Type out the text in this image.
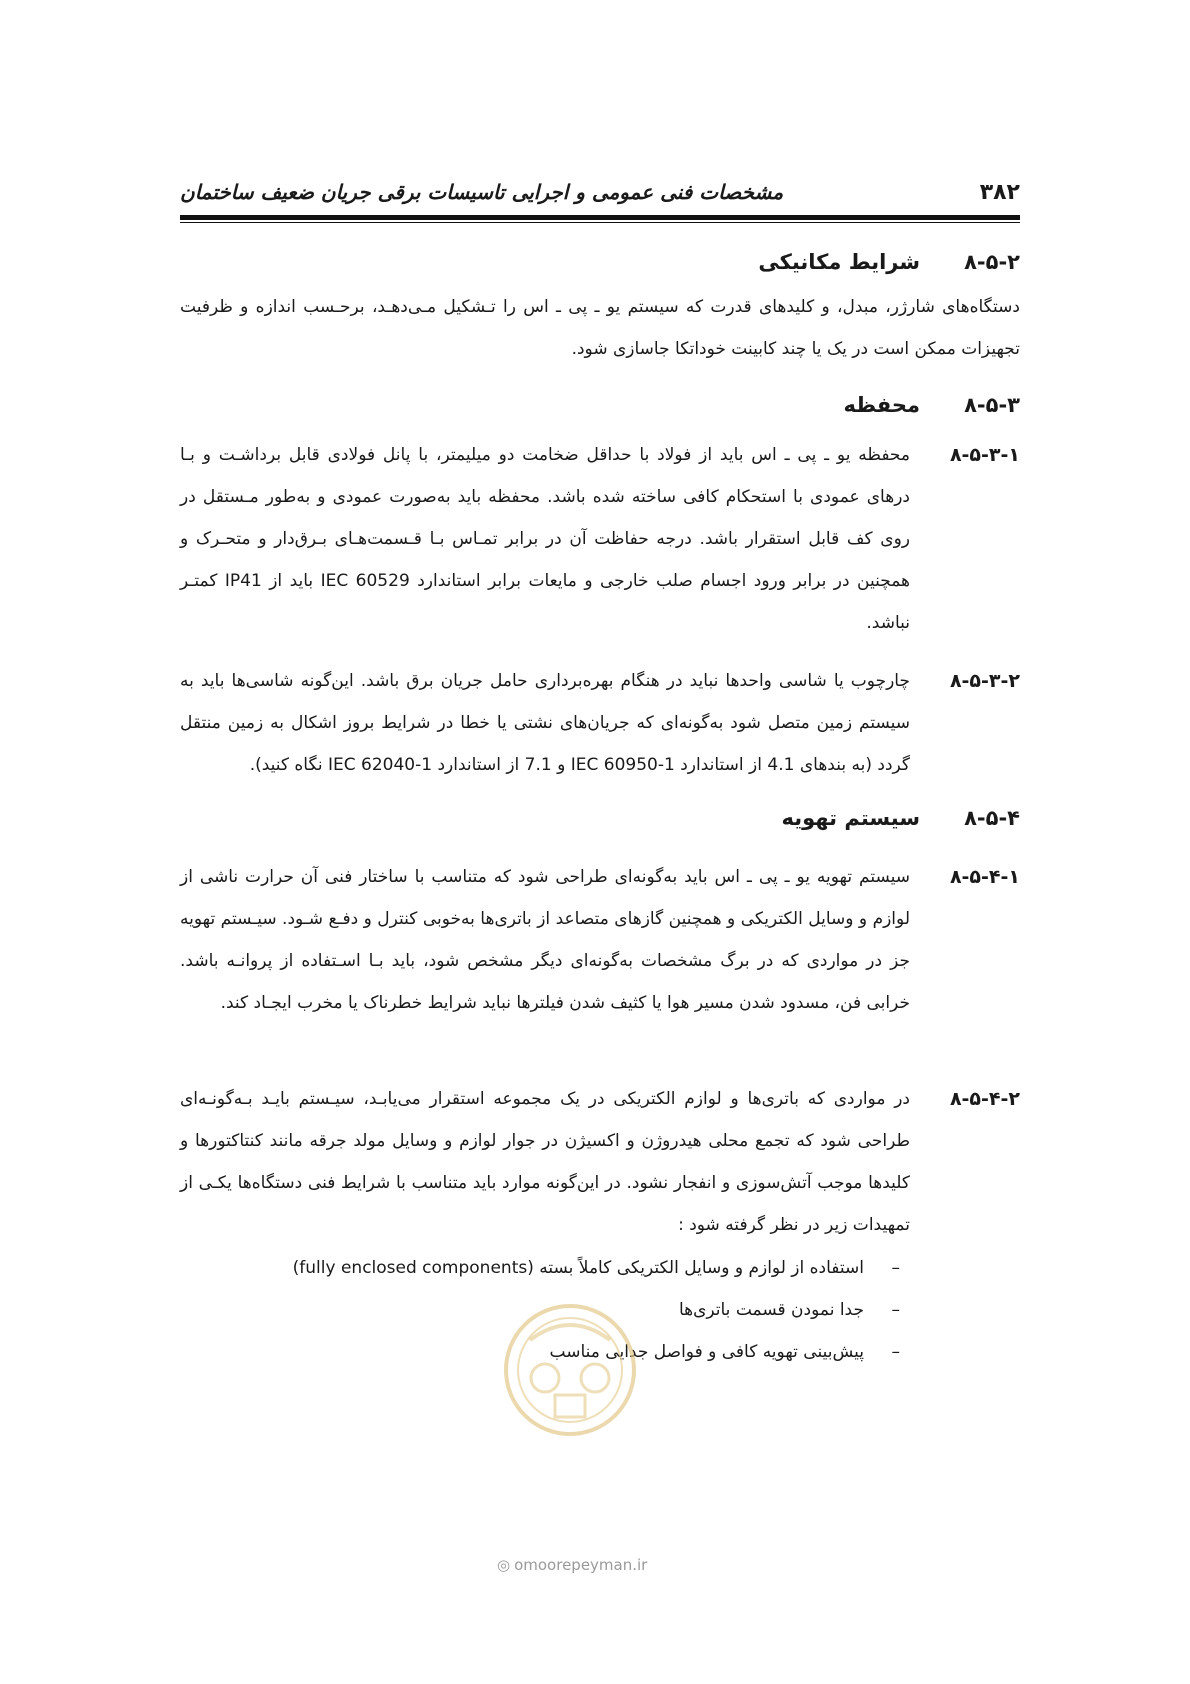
۳۸۲
مشخصات فنی عمومی و اجرایی تاسیسات برقی جریان ضعیف ساختمان
۸-۵-۲شرایط مکانیکی
دستگاه‌های شارژر، مبدل، و کلیدهای قدرت که سیستم یو ـ پی ـ اس را تـشکیل مـی‌دهـد، برحـسب اندازه و ظرفیت تجهیزات ممکن است در یک یا چند کابینت خوداتکا جاسازی شود.
۸-۵-۳محفظه
۸-۵-۳-۱
محفظه یو ـ پی ـ اس باید از فولاد با حداقل ضخامت دو میلیمتر، با پانل فولادی قابل برداشـت و بـا درهای عمودی با استحکام کافی ساخته شده باشد. محفظه باید به‌صورت عمودی و به‌طور مـستقل در روی کف قابل استقرار باشد. درجه حفاظت آن در برابر تمـاس بـا قـسمت‌هـای بـرق‌دار و متحـرک و همچنین در برابر ورود اجسام صلب خارجی و مایعات برابر استاندارد IEC 60529 باید از IP41 کمتـر نباشد.
۸-۵-۳-۲
چارچوب یا شاسی واحدها نباید در هنگام بهره‌برداری حامل جریان برق باشد. این‌گونه شاسی‌ها باید به سیستم زمین متصل شود به‌گونه‌ای که جریان‌های نشتی یا خطا در شرایط بروز اشکال به زمین منتقل گردد (به بندهای 4.1 از استاندارد IEC 60950-1 و 7.1 از استاندارد IEC 62040-1 نگاه کنید).
۸-۵-۴سیستم تهویه
۸-۵-۴-۱
سیستم تهویه یو ـ پی ـ اس باید به‌گونه‌ای طراحی شود که متناسب با ساختار فنی آن حرارت ناشی از لوازم و وسایل الکتریکی و همچنین گازهای متصاعد از باتری‌ها به‌خوبی کنترل و دفـع شـود. سیـستم تهویه جز در مواردی که در برگ مشخصات به‌گونه‌ای دیگر مشخص شود، باید بـا اسـتفاده از پروانـه باشد. خرابی فن، مسدود شدن مسیر هوا یا کثیف شدن فیلترها نباید شرایط خطرناک یا مخرب ایجـاد کند.
۸-۵-۴-۲
در مواردی که باتری‌ها و لوازم الکتریکی در یک مجموعه استقرار می‌یابـد، سیـستم بایـد بـه‌گونـه‌ای طراحی شود که تجمع محلی هیدروژن و اکسیژن در جوار لوازم و وسایل مولد جرقه مانند کنتاکتورها و کلیدها موجب آتش‌سوزی و انفجار نشود. در این‌گونه موارد باید متناسب با شرایط فنی دستگاه‌ها یکـی از تمهیدات زیر در نظر گرفته شود :
–استفاده از لوازم و وسایل الکتریکی کاملاً بسته (fully enclosed components)
–جدا نمودن قسمت باتری‌ها
–پیش‌بینی تهویه کافی و فواصل جدایی مناسب
◎ omoorepeyman.ir
